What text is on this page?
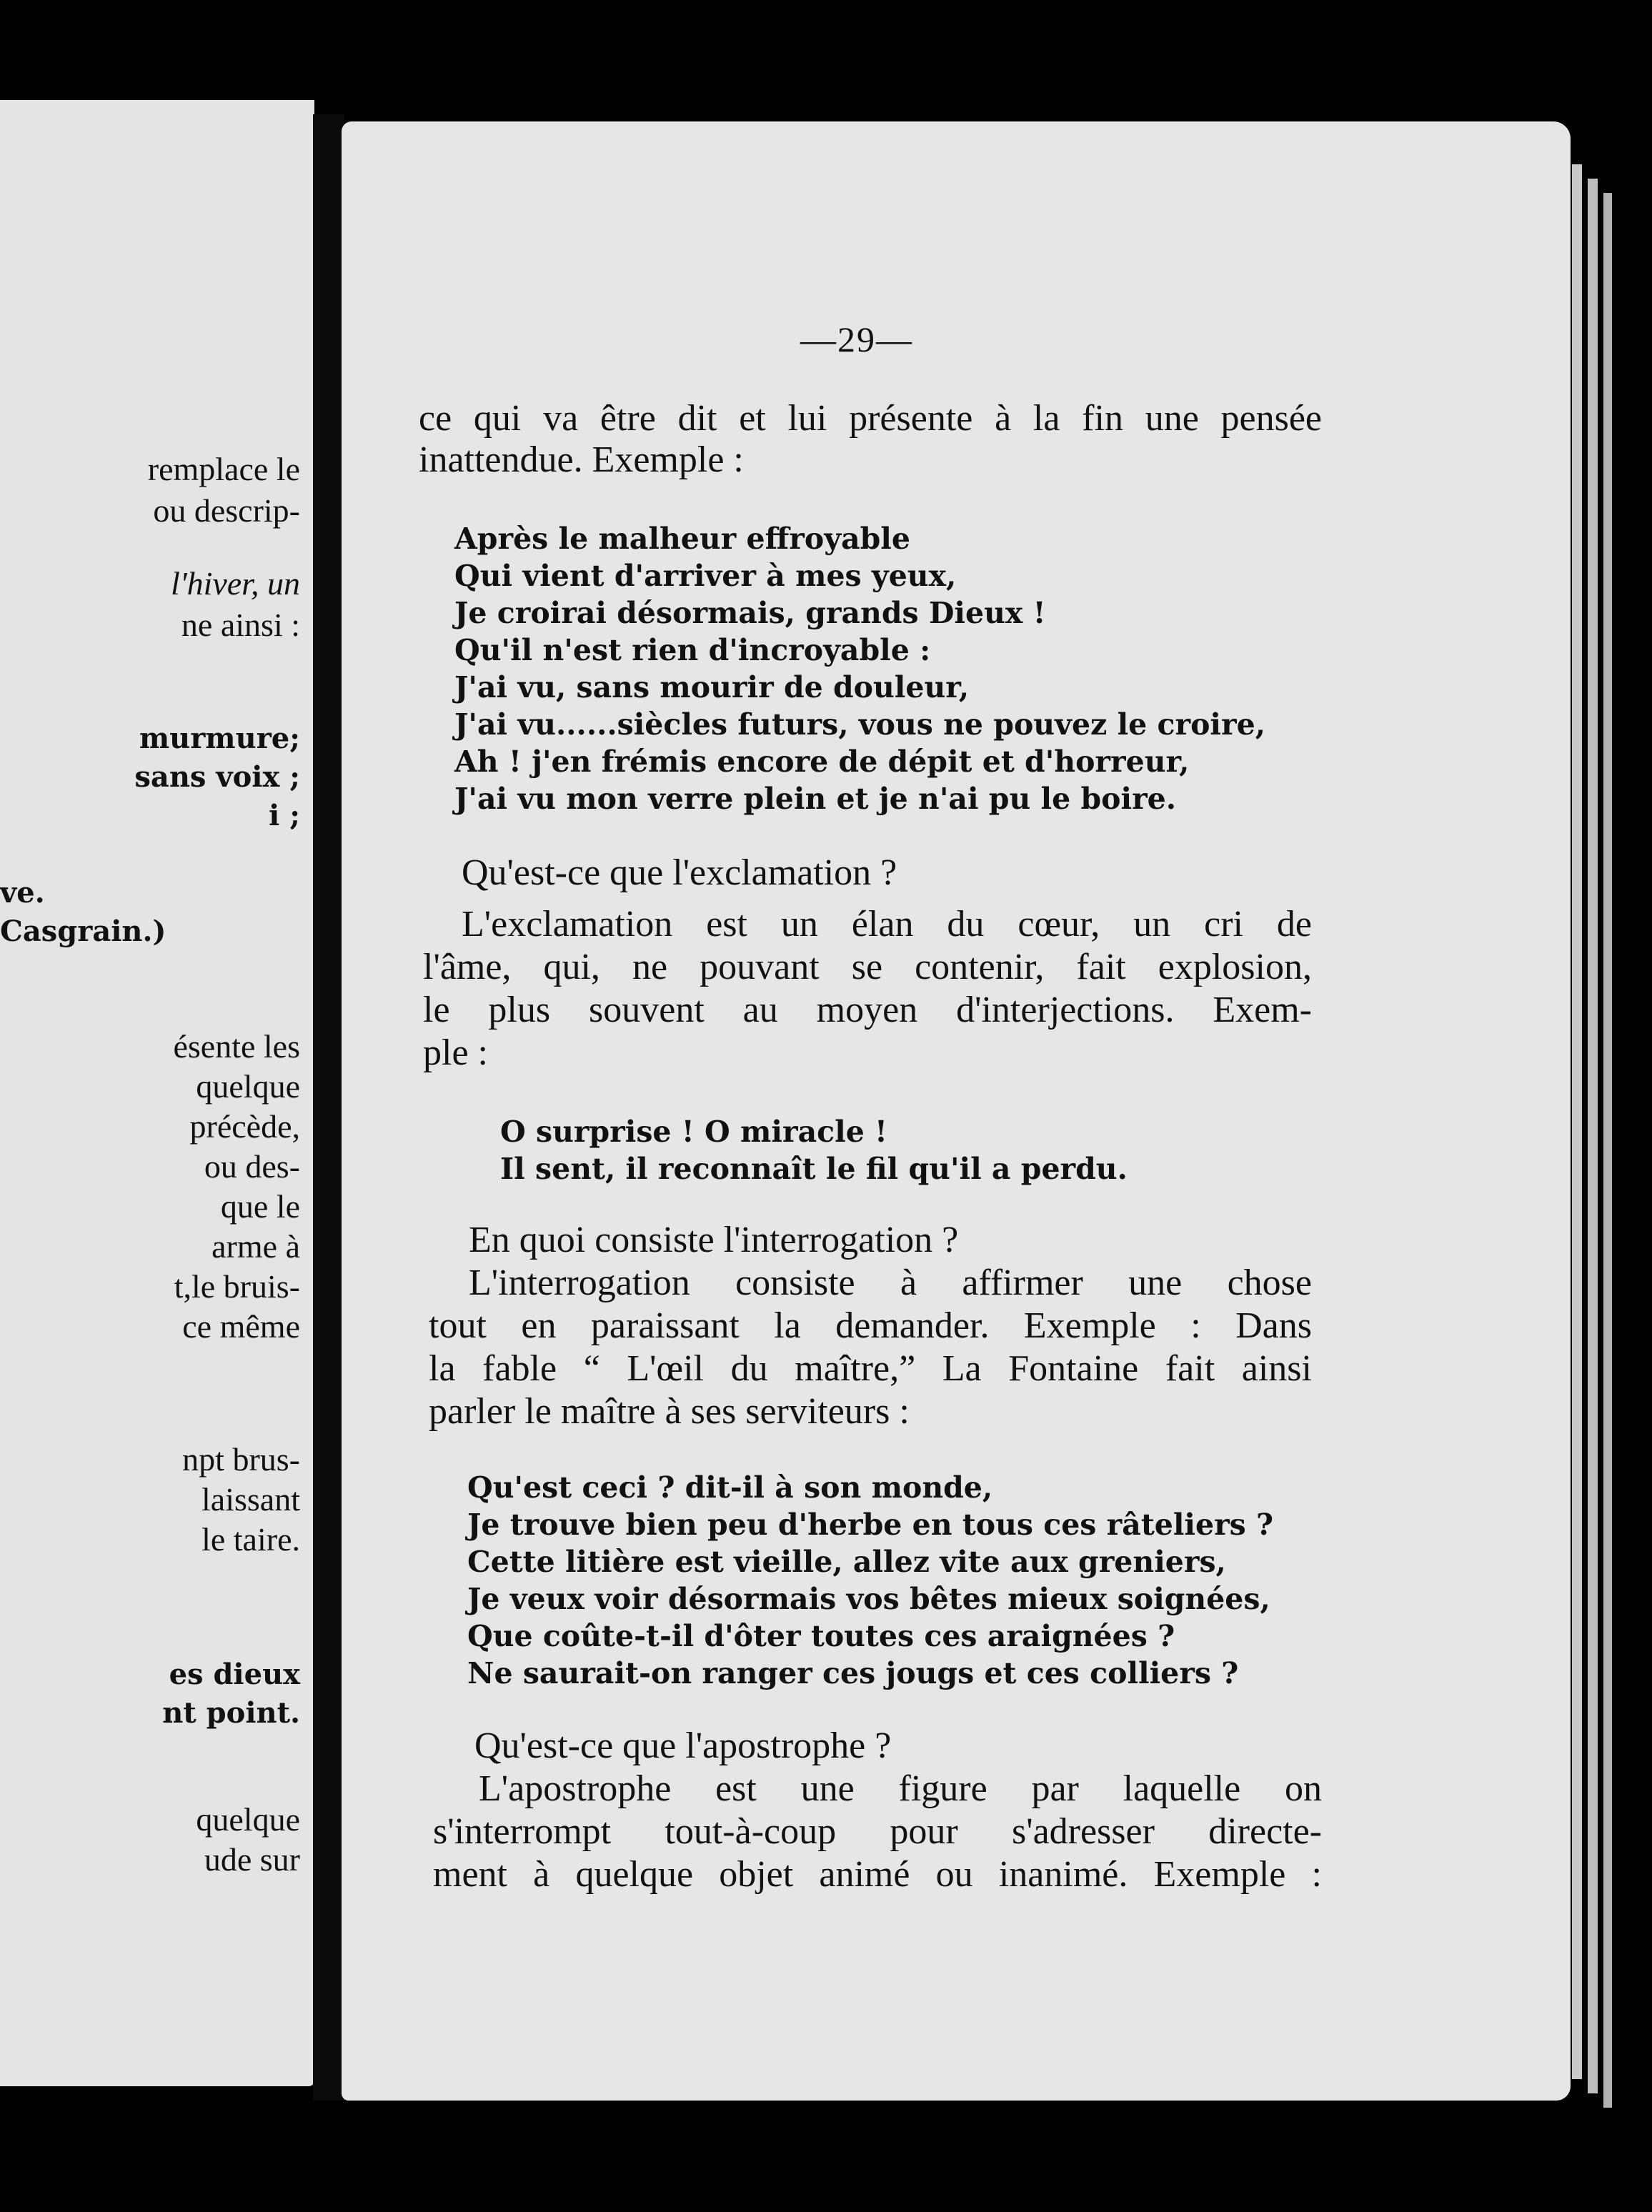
remplace le
ou descrip-
l'hiver, un
ne ainsi :
murmure;
sans voix ;
i ;
ve.
Casgrain.)
ésente les
quelque
précède,
ou des-
que le
arme à
t,le bruis-
ce même
npt brus-
laissant
le taire.
es dieux
nt point.
quelque
ude sur
—29—
ce qui va être dit et lui présente à la fin une pensée
inattendue. Exemple :
Après le malheur effroyable
Qui vient d'arriver à mes yeux,
Je croirai désormais, grands Dieux !
Qu'il n'est rien d'incroyable :
J'ai vu, sans mourir de douleur,
J'ai vu......siècles futurs, vous ne pouvez le croire,
Ah ! j'en frémis encore de dépit et d'horreur,
J'ai vu mon verre plein et je n'ai pu le boire.
Qu'est-ce que l'exclamation ?
L'exclamation est un élan du cœur, un cri de
l'âme, qui, ne pouvant se contenir, fait explosion,
le plus souvent au moyen d'interjections. Exem-
ple :
O surprise ! O miracle !
Il sent, il reconnaît le fil qu'il a perdu.
En quoi consiste l'interrogation ?
L'interrogation consiste à affirmer une chose
tout en paraissant la demander. Exemple : Dans
la fable “ L'œil du maître,” La Fontaine fait ainsi
parler le maître à ses serviteurs :
Qu'est ceci ? dit-il à son monde,
Je trouve bien peu d'herbe en tous ces râteliers ?
Cette litière est vieille, allez vite aux greniers,
Je veux voir désormais vos bêtes mieux soignées,
Que coûte-t-il d'ôter toutes ces araignées ?
Ne saurait-on ranger ces jougs et ces colliers ?
Qu'est-ce que l'apostrophe ?
L'apostrophe est une figure par laquelle on
s'interrompt tout-à-coup pour s'adresser directe-
ment à quelque objet animé ou inanimé. Exemple :
